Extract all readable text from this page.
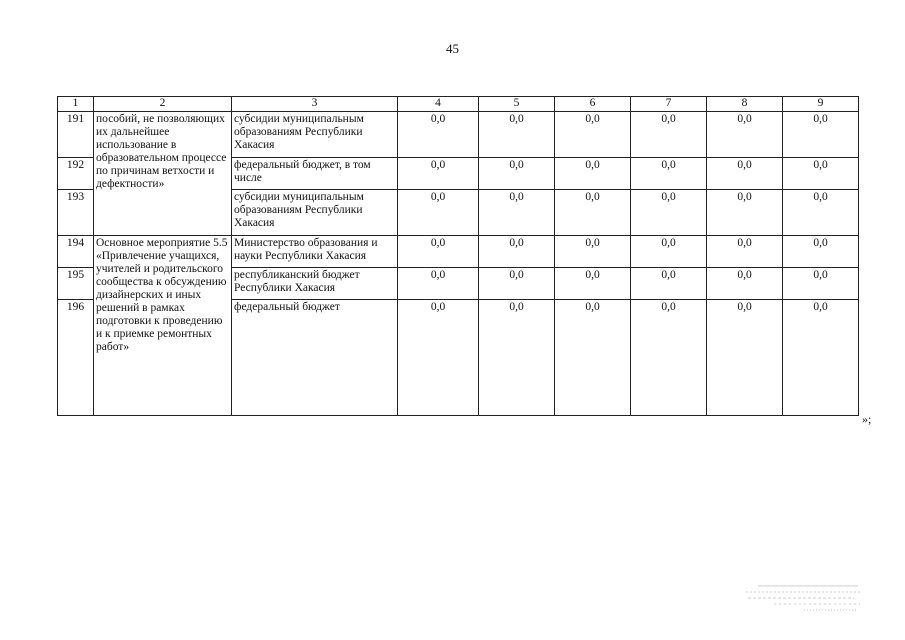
45
1	2	3	4	5	6	7	8	9
191	пособий, не позволяющих их дальнейшее использование в образовательном процессе по причинам ветхости и дефектности»	субсидии муниципальным образованиям Республики Хакасия	0,0	0,0	0,0	0,0	0,0	0,0
192		федеральный бюджет, в том числе	0,0	0,0	0,0	0,0	0,0	0,0
193		субсидии муниципальным образованиям Республики Хакасия	0,0	0,0	0,0	0,0	0,0	0,0
194	Основное мероприятие 5.5 «Привлечение учащихся, учителей и родительского сообщества к обсуждению дизайнерских и иных решений в рамках подготовки к проведению и к приемке ремонтных работ»	Министерство образования и науки Республики Хакасия	0,0	0,0	0,0	0,0	0,0	0,0
195		республиканский бюджет Республики Хакасия	0,0	0,0	0,0	0,0	0,0	0,0
196		федеральный бюджет	0,0	0,0	0,0	0,0	0,0	0,0
»;
